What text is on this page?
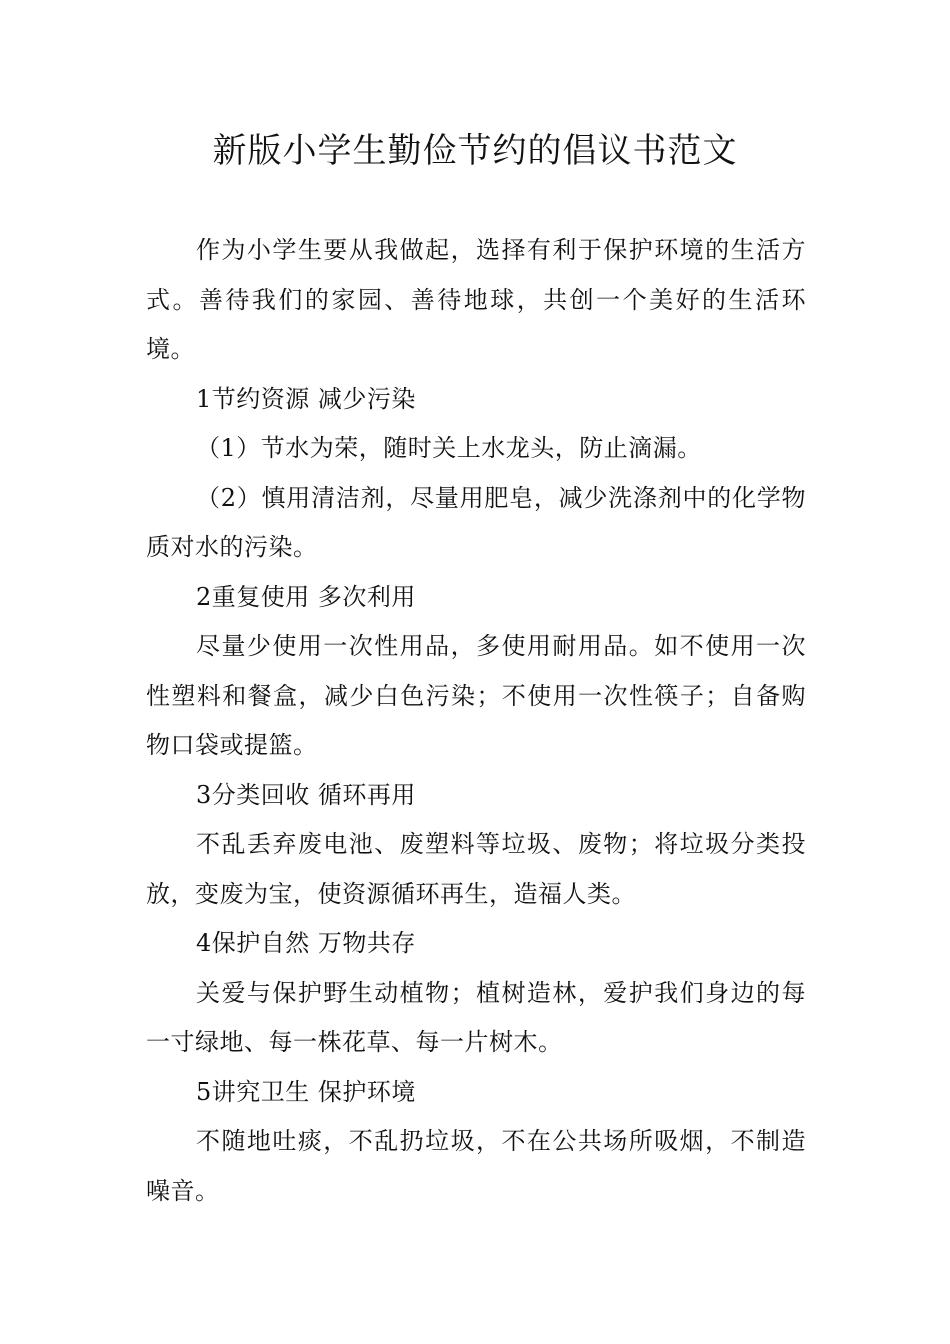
新版小学生勤俭节约的倡议书范文

作为小学生要从我做起，选择有利于保护环境的生活方式。善待我们的家园、善待地球，共创一个美好的生活环境。

1节约资源 减少污染

（1）节水为荣，随时关上水龙头，防止滴漏。

（2）慎用清洁剂，尽量用肥皂，减少洗涤剂中的化学物质对水的污染。

2重复使用 多次利用

尽量少使用一次性用品，多使用耐用品。如不使用一次性塑料和餐盒，减少白色污染；不使用一次性筷子；自备购物口袋或提篮。

3分类回收 循环再用

不乱丢弃废电池、废塑料等垃圾、废物；将垃圾分类投放，变废为宝，使资源循环再生，造福人类。

4保护自然 万物共存

关爱与保护野生动植物；植树造林，爱护我们身边的每一寸绿地、每一株花草、每一片树木。

5讲究卫生 保护环境

不随地吐痰，不乱扔垃圾，不在公共场所吸烟，不制造噪音。
